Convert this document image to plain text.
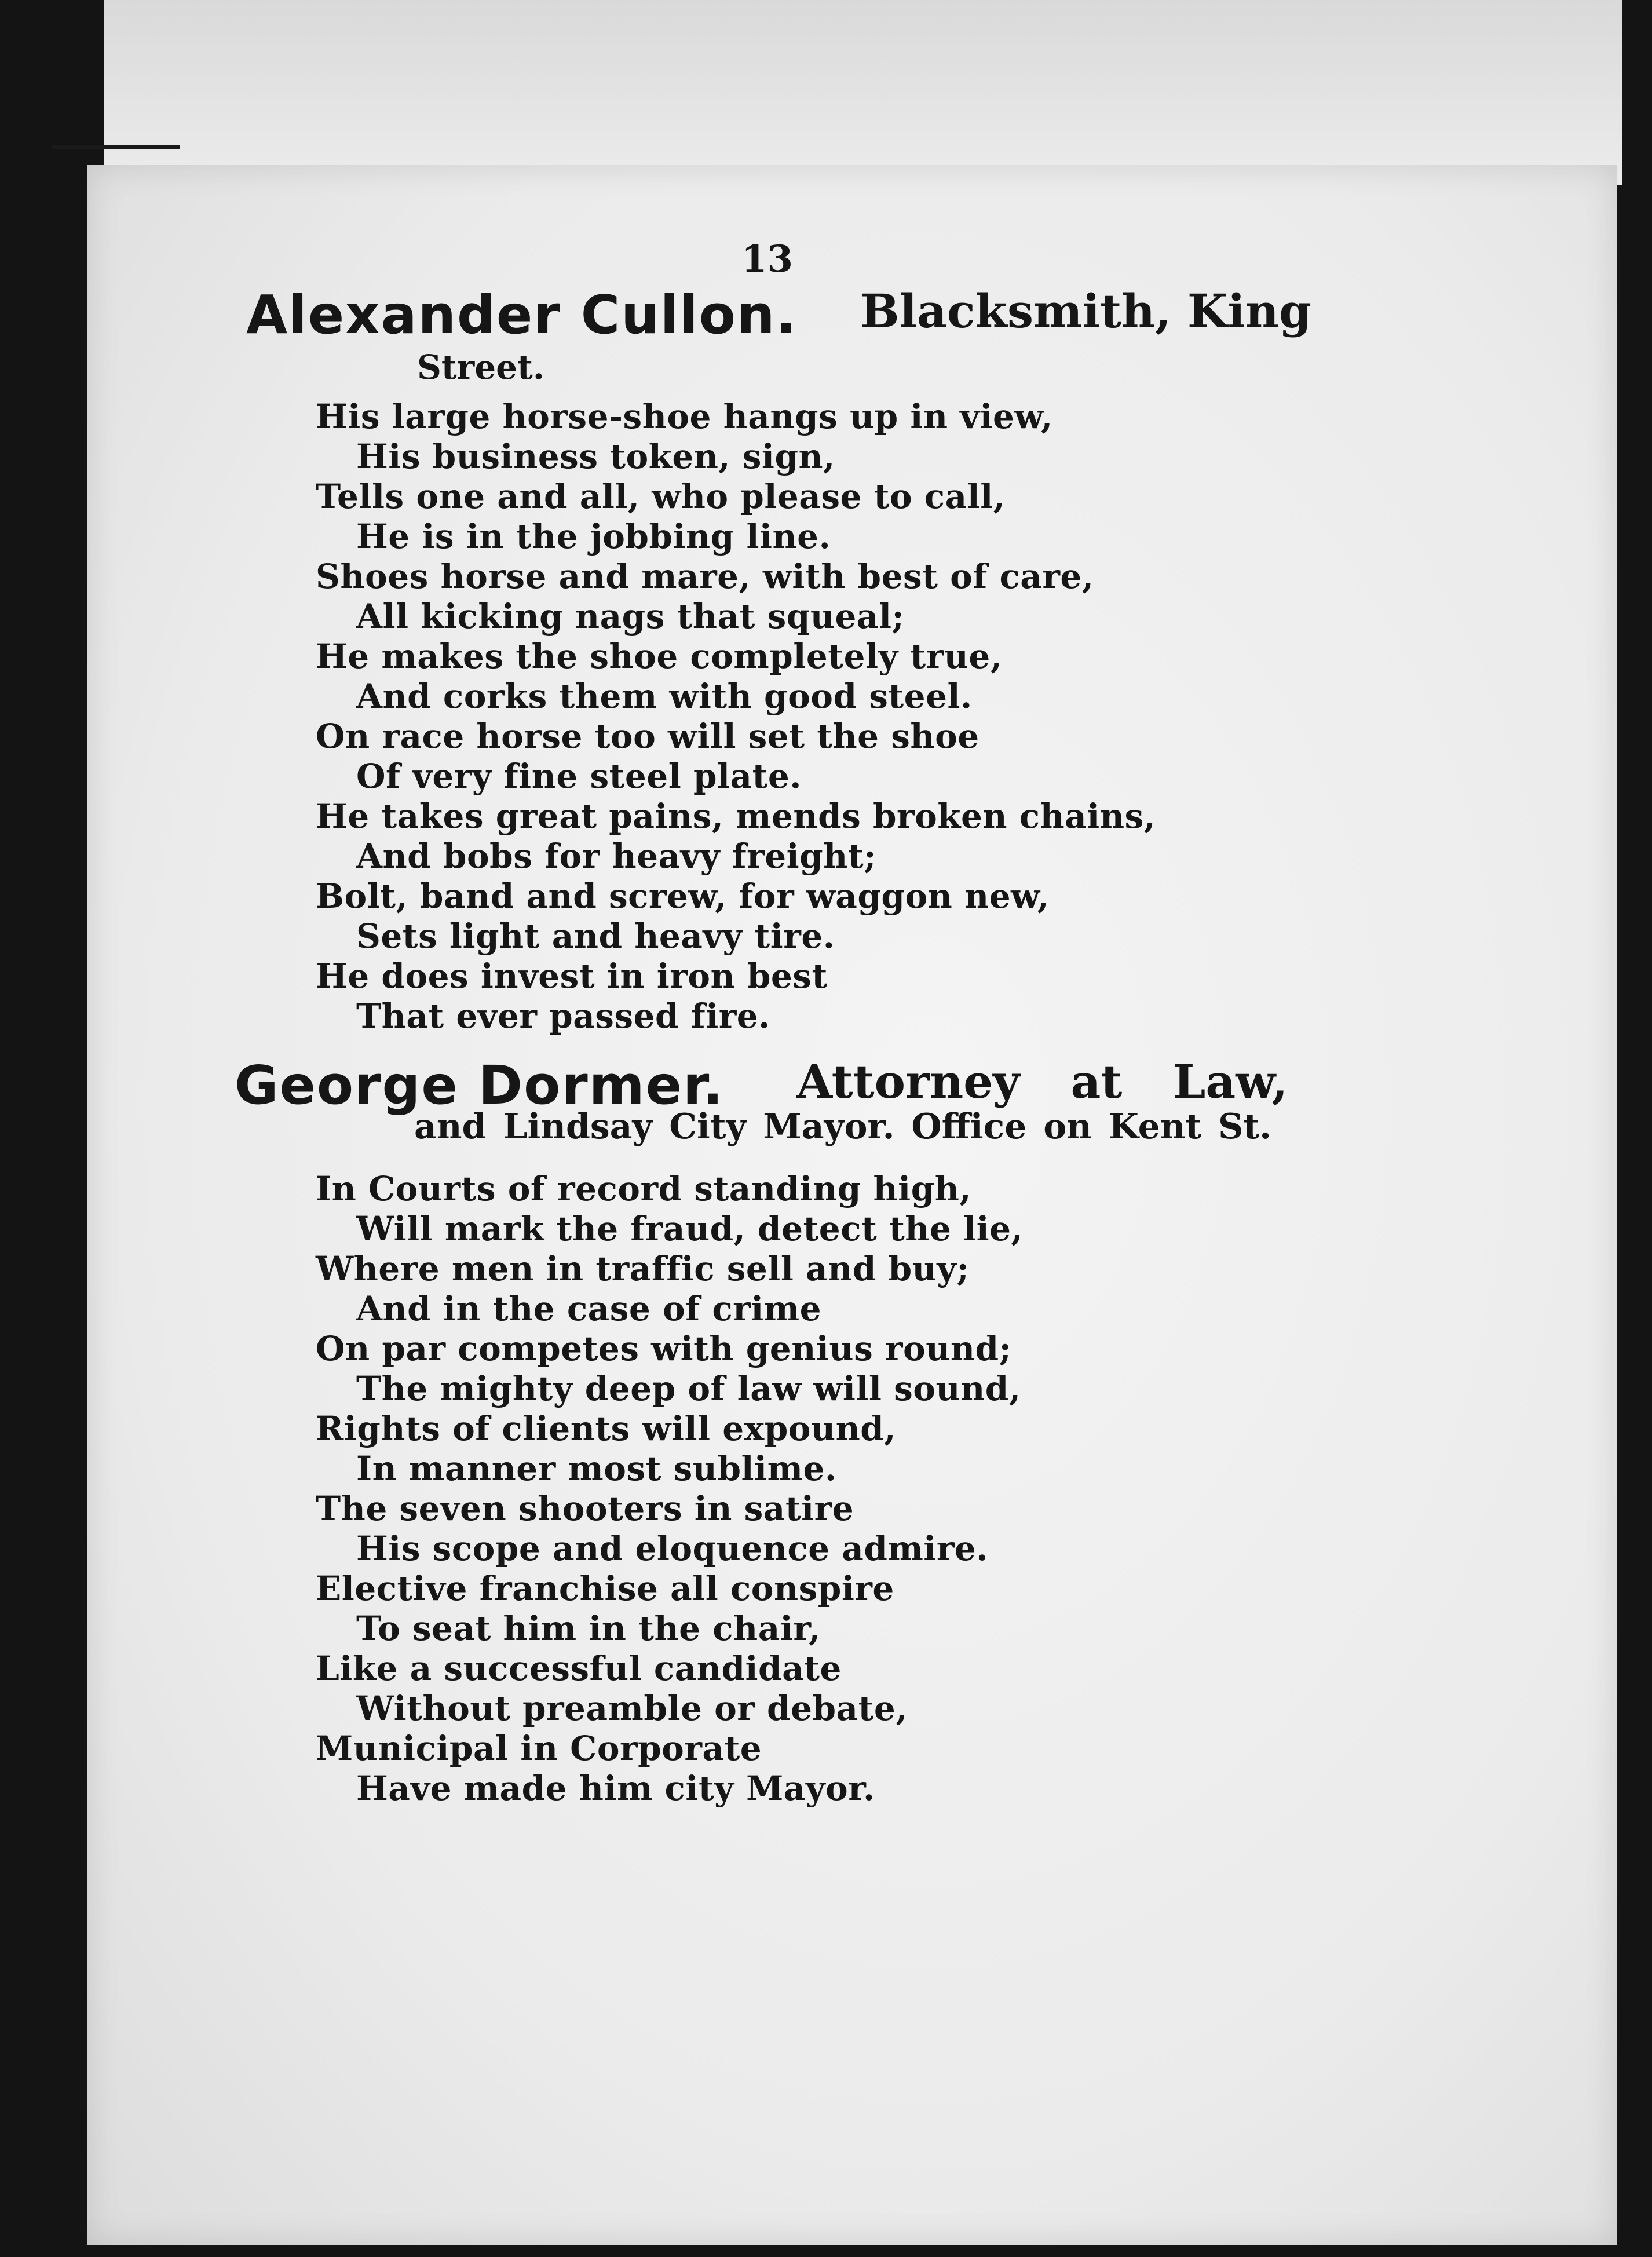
13
Alexander Cullon. Blacksmith, King
Street.
His large horse-shoe hangs up in view,
His business token, sign,
Tells one and all, who please to call,
He is in the jobbing line.
Shoes horse and mare, with best of care,
All kicking nags that squeal;
He makes the shoe completely true,
And corks them with good steel.
On race horse too will set the shoe
Of very fine steel plate.
He takes great pains, mends broken chains,
And bobs for heavy freight;
Bolt, band and screw, for waggon new,
Sets light and heavy tire.
He does invest in iron best
That ever passed fire.
George Dormer. Attorney at Law,
and Lindsay City Mayor. Office on Kent St.
In Courts of record standing high,
Will mark the fraud, detect the lie,
Where men in traffic sell and buy;
And in the case of crime
On par competes with genius round;
The mighty deep of law will sound,
Rights of clients will expound,
In manner most sublime.
The seven shooters in satire
His scope and eloquence admire.
Elective franchise all conspire
To seat him in the chair,
Like a successful candidate
Without preamble or debate,
Municipal in Corporate
Have made him city Mayor.
